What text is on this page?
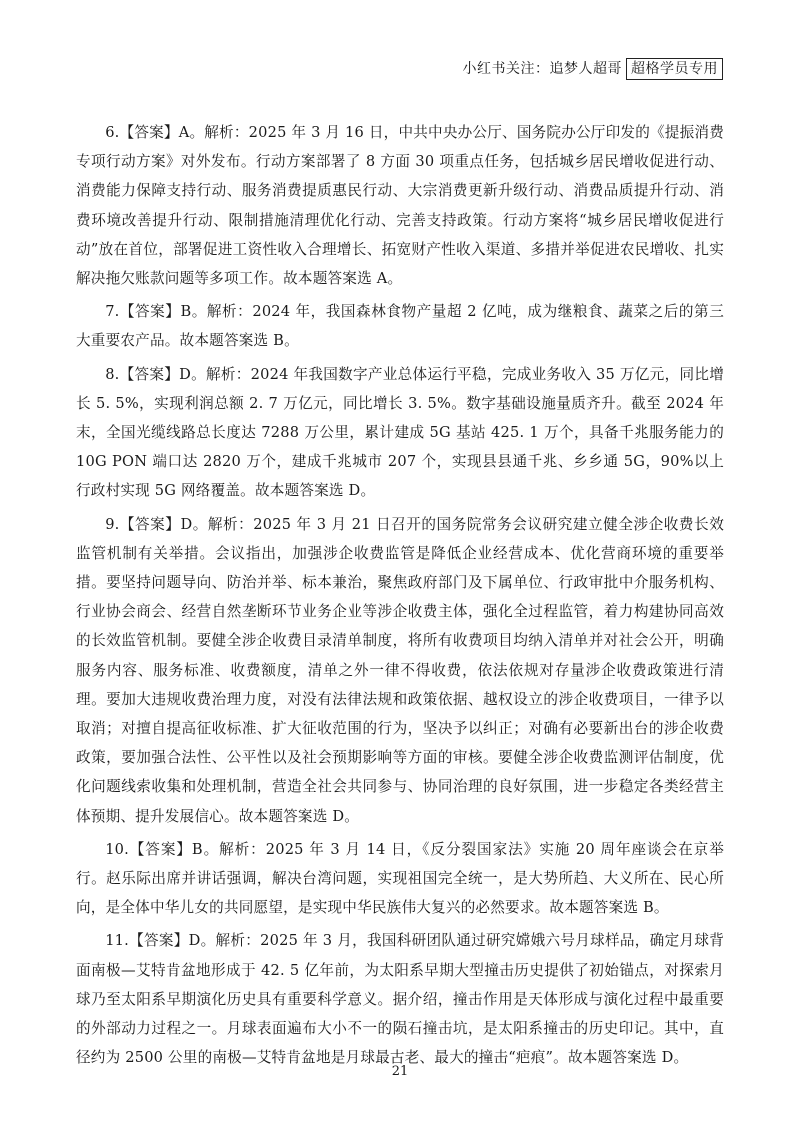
小红书关注：追梦人超哥 超格学员专用

6.【答案】A。解析：2025 年 3 月 16 日，中共中央办公厅、国务院办公厅印发的《提振消费专项行动方案》对外发布。行动方案部署了 8 方面 30 项重点任务，包括城乡居民增收促进行动、消费能力保障支持行动、服务消费提质惠民行动、大宗消费更新升级行动、消费品质提升行动、消费环境改善提升行动、限制措施清理优化行动、完善支持政策。行动方案将“城乡居民增收促进行动”放在首位，部署促进工资性收入合理增长、拓宽财产性收入渠道、多措并举促进农民增收、扎实解决拖欠账款问题等多项工作。故本题答案选 A。

7.【答案】B。解析：2024 年，我国森林食物产量超 2 亿吨，成为继粮食、蔬菜之后的第三大重要农产品。故本题答案选 B。

8.【答案】D。解析：2024 年我国数字产业总体运行平稳，完成业务收入 35 万亿元，同比增长 5. 5%，实现利润总额 2. 7 万亿元，同比增长 3. 5%。数字基础设施量质齐升。截至 2024 年末，全国光缆线路总长度达 7288 万公里，累计建成 5G 基站 425. 1 万个，具备千兆服务能力的 10G PON 端口达 2820 万个，建成千兆城市 207 个，实现县县通千兆、乡乡通 5G，90%以上行政村实现 5G 网络覆盖。故本题答案选 D。

9.【答案】D。解析：2025 年 3 月 21 日召开的国务院常务会议研究建立健全涉企收费长效监管机制有关举措。会议指出，加强涉企收费监管是降低企业经营成本、优化营商环境的重要举措。要坚持问题导向、防治并举、标本兼治，聚焦政府部门及下属单位、行政审批中介服务机构、行业协会商会、经营自然垄断环节业务企业等涉企收费主体，强化全过程监管，着力构建协同高效的长效监管机制。要健全涉企收费目录清单制度，将所有收费项目均纳入清单并对社会公开，明确服务内容、服务标准、收费额度，清单之外一律不得收费，依法依规对存量涉企收费政策进行清理。要加大违规收费治理力度，对没有法律法规和政策依据、越权设立的涉企收费项目，一律予以取消；对擅自提高征收标准、扩大征收范围的行为，坚决予以纠正；对确有必要新出台的涉企收费政策，要加强合法性、公平性以及社会预期影响等方面的审核。要健全涉企收费监测评估制度，优化问题线索收集和处理机制，营造全社会共同参与、协同治理的良好氛围，进一步稳定各类经营主体预期、提升发展信心。故本题答案选 D。

10.【答案】B。解析：2025 年 3 月 14 日，《反分裂国家法》实施 20 周年座谈会在京举行。赵乐际出席并讲话强调，解决台湾问题，实现祖国完全统一，是大势所趋、大义所在、民心所向，是全体中华儿女的共同愿望，是实现中华民族伟大复兴的必然要求。故本题答案选 B。

11.【答案】D。解析：2025 年 3 月，我国科研团队通过研究嫦娥六号月球样品，确定月球背面南极—艾特肯盆地形成于 42. 5 亿年前，为太阳系早期大型撞击历史提供了初始锚点，对探索月球乃至太阳系早期演化历史具有重要科学意义。据介绍，撞击作用是天体形成与演化过程中最重要的外部动力过程之一。月球表面遍布大小不一的陨石撞击坑，是太阳系撞击的历史印记。其中，直径约为 2500 公里的南极—艾特肯盆地是月球最古老、最大的撞击“疤痕”。故本题答案选 D。

21
